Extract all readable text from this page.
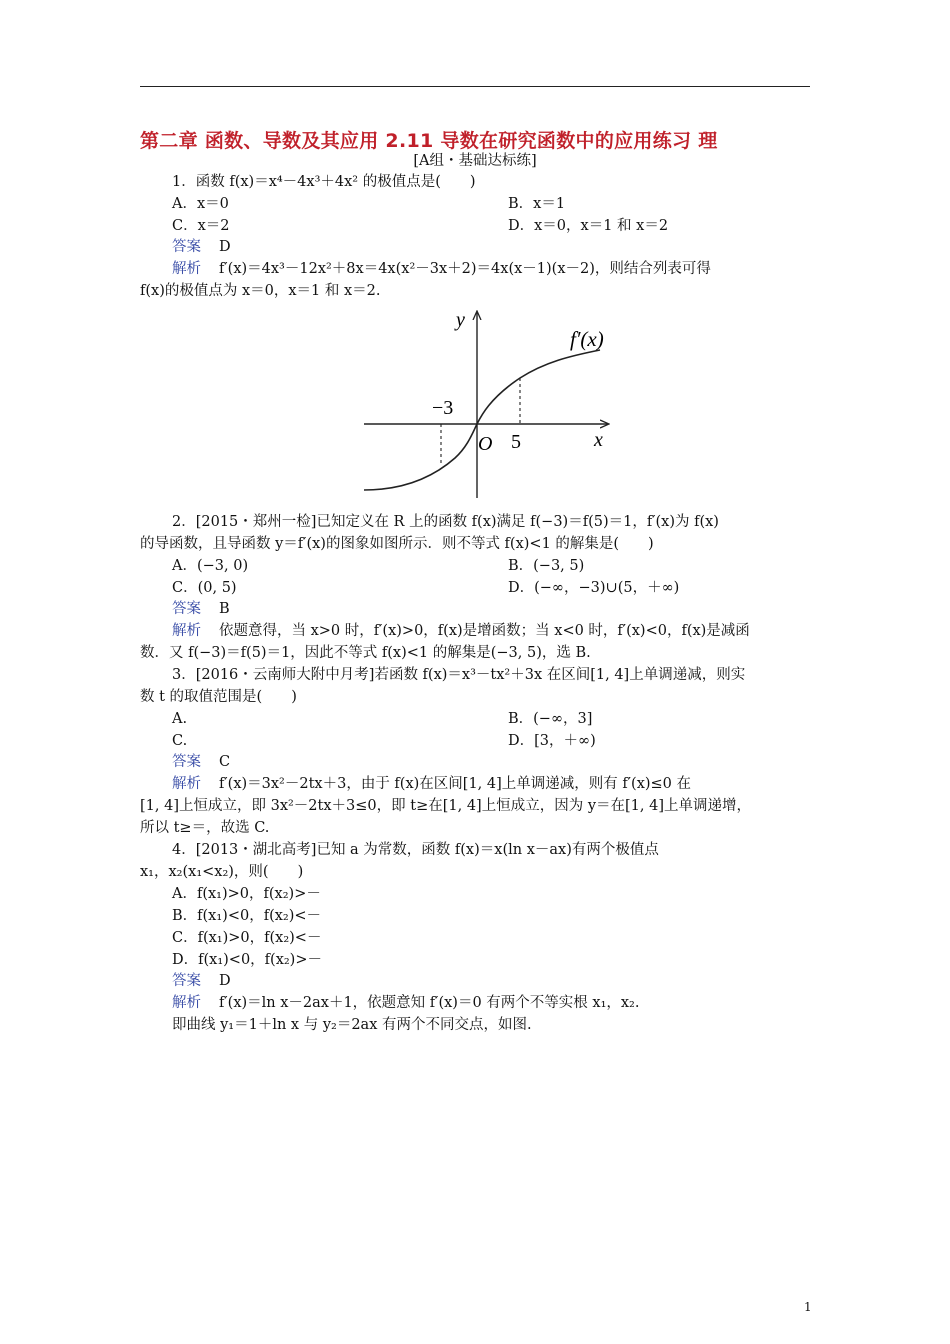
第二章 函数、导数及其应用 2.11 导数在研究函数中的应用练习 理
[A组・基础达标练]
1．函数 f(x)＝x⁴－4x³＋4x² 的极值点是(　　)
A．x＝0	B．x＝1
C．x＝2	D．x＝0，x＝1 和 x＝2
答案 D
解析 f′(x)＝4x³－12x²＋8x＝4x(x²－3x＋2)＝4x(x－1)(x－2)，则结合列表可得
f(x)的极值点为 x＝0，x＝1 和 x＝2.
y
x
O
−3
5
f′(x)
2．[2015・郑州一检]已知定义在 R 上的函数 f(x)满足 f(−3)＝f(5)＝1，f′(x)为 f(x)
的导函数，且导函数 y＝f′(x)的图象如图所示．则不等式 f(x)<1 的解集是(　　)
A．(−3, 0)	B．(−3, 5)
C．(0, 5)	D．(−∞，−3)∪(5，＋∞)
答案 B
解析 依题意得，当 x>0 时，f′(x)>0，f(x)是增函数；当 x<0 时，f′(x)<0，f(x)是减函
数．又 f(−3)＝f(5)＝1，因此不等式 f(x)<1 的解集是(−3, 5)，选 B.
3．[2016・云南师大附中月考]若函数 f(x)＝x³－tx²＋3x 在区间[1, 4]上单调递减，则实
数 t 的取值范围是(　　)
A.	B．(−∞，3]
C.	D．[3，＋∞)
答案 C
解析 f′(x)＝3x²－2tx＋3，由于 f(x)在区间[1, 4]上单调递减，则有 f′(x)≤0 在
[1, 4]上恒成立，即 3x²－2tx＋3≤0，即 t≥在[1, 4]上恒成立，因为 y＝在[1, 4]上单调递增，
所以 t≥＝，故选 C.
4．[2013・湖北高考]已知 a 为常数，函数 f(x)＝x(ln x－ax)有两个极值点
x₁，x₂(x₁<x₂)，则(　　)
A．f(x₁)>0，f(x₂)>－
B．f(x₁)<0，f(x₂)<－
C．f(x₁)>0，f(x₂)<－
D．f(x₁)<0，f(x₂)>－
答案 D
解析 f′(x)＝ln x－2ax＋1，依题意知 f′(x)＝0 有两个不等实根 x₁，x₂.
即曲线 y₁＝1＋ln x 与 y₂＝2ax 有两个不同交点，如图.
1
